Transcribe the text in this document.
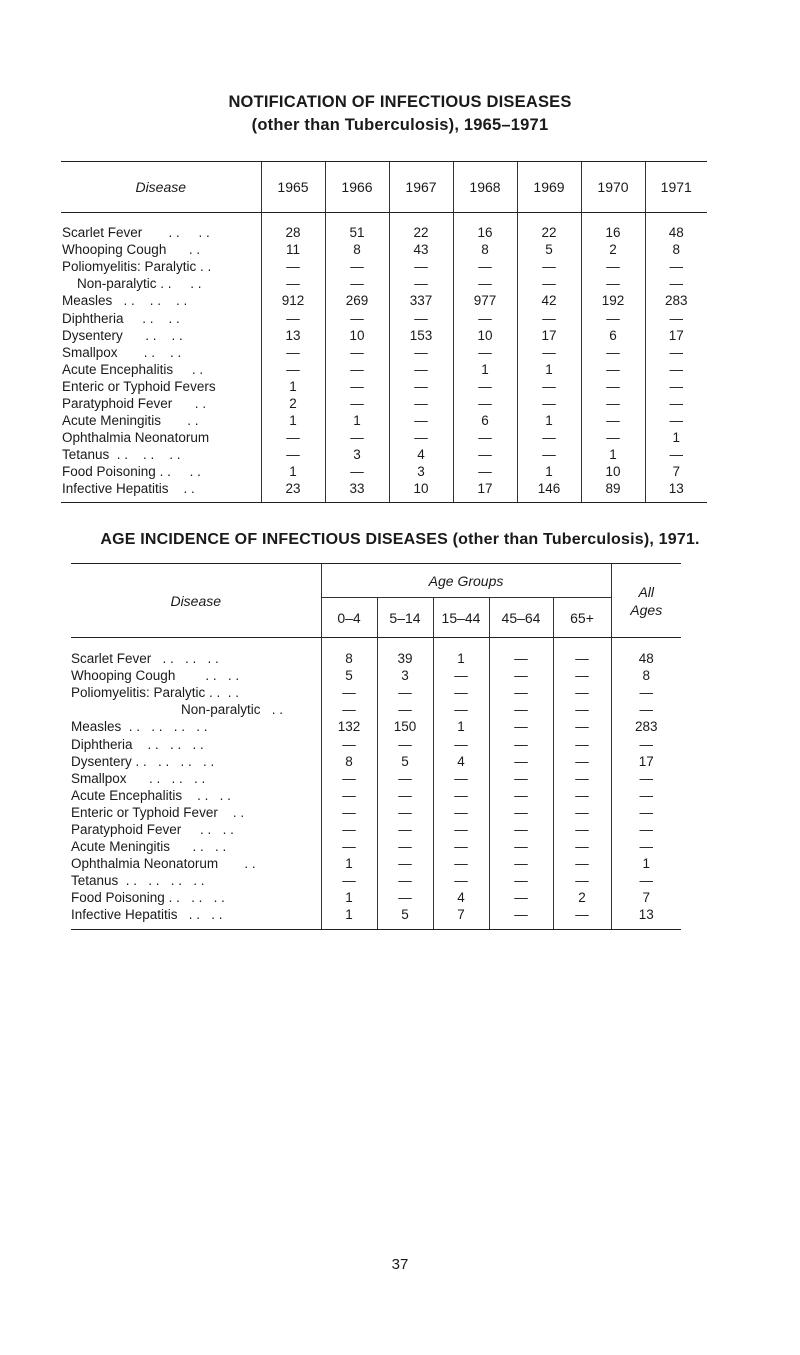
NOTIFICATION OF INFECTIOUS DISEASES
(other than Tuberculosis), 1965–1971
Disease	1965	1966	1967	1968	1969	1970	1971
Scarlet Fever       . .     . .	28	51	22	16	22	16	48
Whooping Cough      . .	11	8	43	8	5	2	8
Poliomyelitis: Paralytic . .	—	—	—	—	—	—	—
Non-paralytic . .     . .	—	—	—	—	—	—	—
Measles   . .    . .    . .	912	269	337	977	42	192	283
Diphtheria     . .    . .	—	—	—	—	—	—	—
Dysentery      . .    . .	13	10	153	10	17	6	17
Smallpox       . .    . .	—	—	—	—	—	—	—
Acute Encephalitis     . .	—	—	—	1	1	—	—
Enteric or Typhoid Fevers	1	—	—	—	—	—	—
Paratyphoid Fever      . .	2	—	—	—	—	—	—
Acute Meningitis       . .	1	1	—	6	1	—	—
Ophthalmia Neonatorum	—	—	—	—	—	—	1
Tetanus  . .    . .    . .	—	3	4	—	—	1	—
Food Poisoning . .     . .	1	—	3	—	1	10	7
Infective Hepatitis    . .	23	33	10	17	146	89	13
AGE INCIDENCE OF INFECTIOUS DISEASES (other than Tuberculosis), 1971.
Disease	Age Groups					All
Ages

	0–4	5–14	15–44	45–64	65+	
Scarlet Fever   . .   . .   . .	8	39	1	—	—	48
Whooping Cough        . .   . .	5	3	—	—	—	8
Poliomyelitis: Paralytic . .  . .	—	—	—	—	—	—
Non-paralytic   . .	—	—	—	—	—	—
Measles  . .   . .   . .   . .	132	150	1	—	—	283
Diphtheria    . .   . .   . .	—	—	—	—	—	—
Dysentery . .   . .   . .   . .	8	5	4	—	—	17
Smallpox      . .   . .   . .	—	—	—	—	—	—
Acute Encephalitis    . .   . .	—	—	—	—	—	—
Enteric or Typhoid Fever    . .	—	—	—	—	—	—
Paratyphoid Fever     . .   . .	—	—	—	—	—	—
Acute Meningitis      . .   . .	—	—	—	—	—	—
Ophthalmia Neonatorum       . .	1	—	—	—	—	1
Tetanus  . .   . .   . .   . .	—	—	—	—	—	—
Food Poisoning . .   . .   . .	1	—	4	—	2	7
Infective Hepatitis   . .   . .	1	5	7	—	—	13
37
